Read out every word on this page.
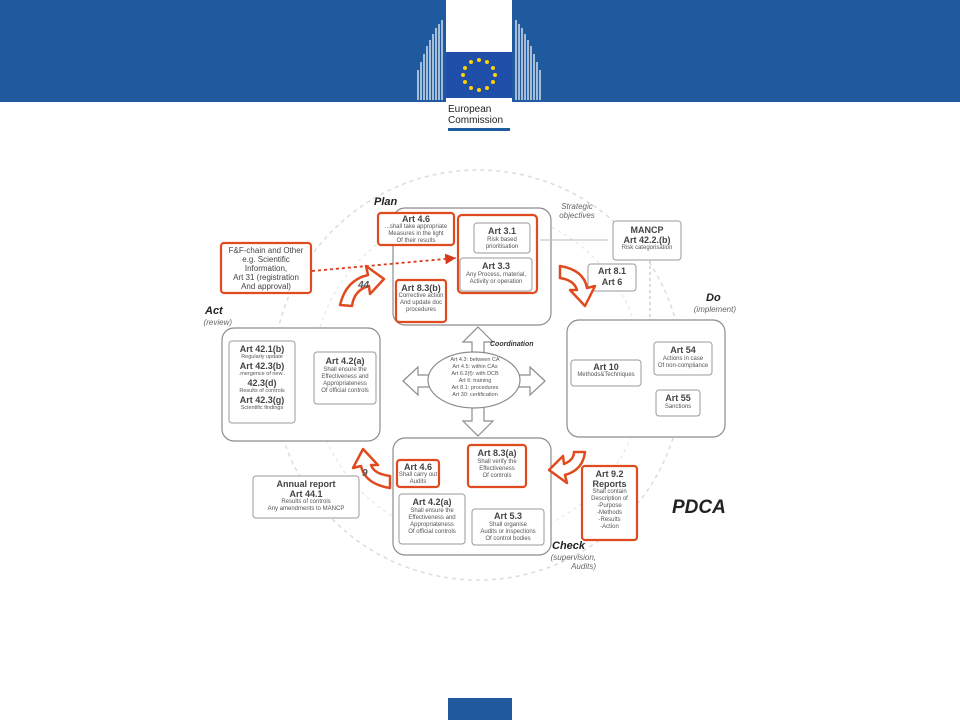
European
Commission
Plan	Strategic
objectives
Do
(implement)
Act
(review)
Check
(supervision,
Audits)
Coordination
PDCA
44
9
Art 4.6
...shall take appropriate
Measures in the light
Of their results
Art 3.1
Risk based
prioritisation
Art 3.3
Any Process, material,
Activity or operation
Art 8.3(b)
Corrective action
And update doc
procedures
F&F-chain and Other
e.g. Scientific
Information,
Art 31 (registration
And approval)
MANCP
Art 42.2.(b)
Risk categorisation
Art 8.1
Art 6
Art 10
Methods&Techniques
Art 54
Actions in case
Of non-compliance
Art 55
Sanctions
Art 42.1(b)
Regularly update
Art 42.3(b)
.mergence of new..
42.3(d)
Results of controls
Art 42.3(g)
Scientific findings
Art 4.2(a)
Shall ensure the
Effectiveness and
Appropriateness
Of official controls
Art 4.3: between CA
Art 4.5: within CAs
Art 6.2(f): with DCB
Art 6: training
Art 8.1: procedures
Art 30: certification
Art 4.6
Shall carry out
Audits
Art 8.3(a)
Shall verify the
Effectiveness
Of controls
Art 4.2(a)
Shall ensure the
Effectiveness and
Appropriateness
Of official controls
Art 5.3
Shall organise
Audits or inspections
Of control bodies
Art 9.2
Reports
Shall contain
Description of
-Purpose
-Methods
-Results
-Action
Annual report
Art 44.1
Results of controls
Any amendments to MANCP
